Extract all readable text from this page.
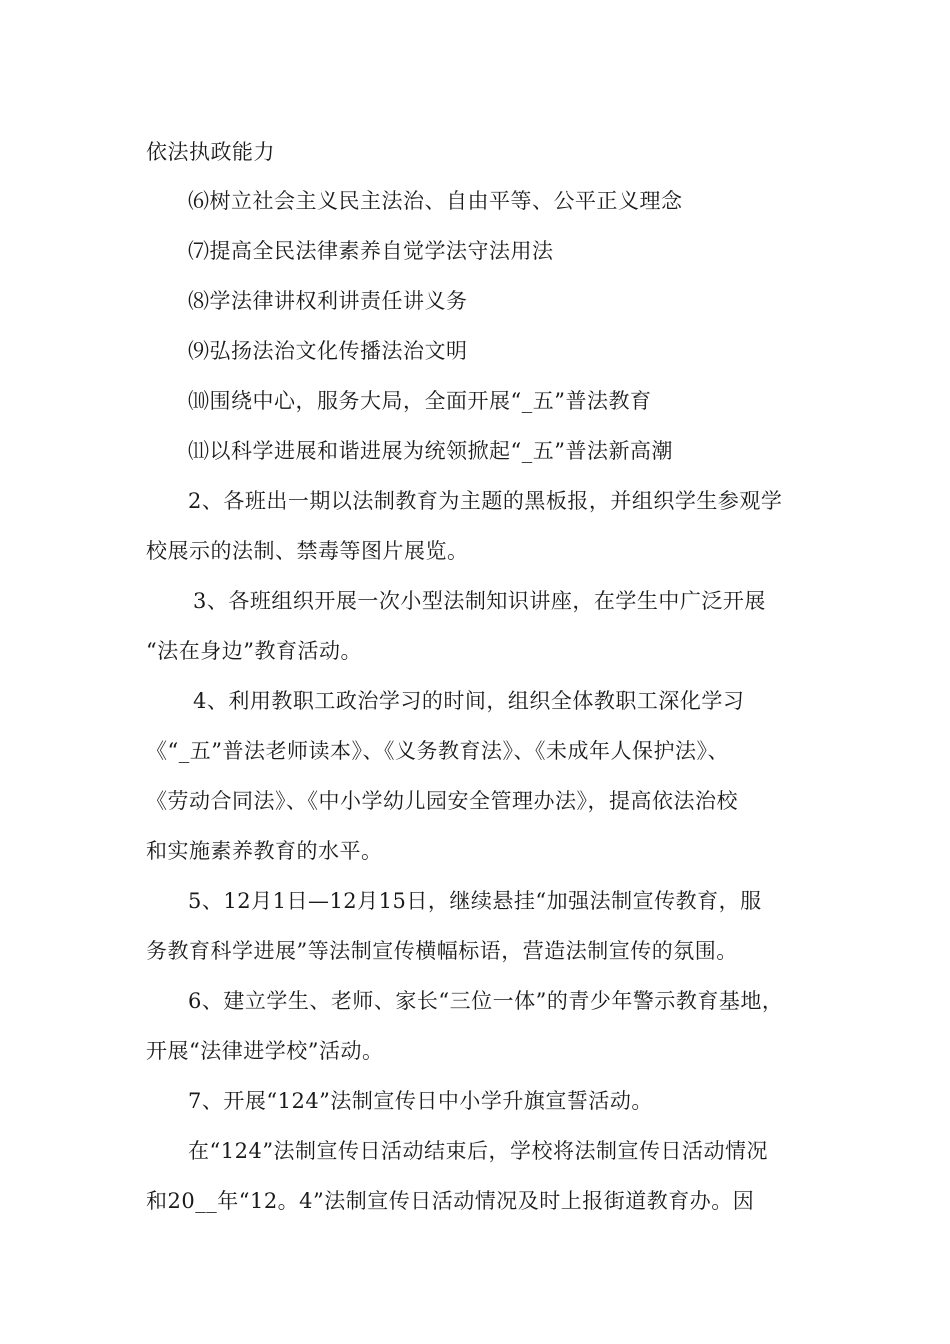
依法执政能力
⑹树立社会主义民主法治、自由平等、公平正义理念
⑺提高全民法律素养自觉学法守法用法
⑻学法律讲权利讲责任讲义务
⑼弘扬法治文化传播法治文明
⑽围绕中心，服务大局，全面开展“_五”普法教育
⑾以科学进展和谐进展为统领掀起“_五”普法新高潮
2、各班出一期以法制教育为主题的黑板报，并组织学生参观学
校展示的法制、禁毒等图片展览。
3、各班组织开展一次小型法制知识讲座，在学生中广泛开展
“法在身边”教育活动。
4、利用教职工政治学习的时间，组织全体教职工深化学习
《“_五”普法老师读本》、《义务教育法》、《未成年人保护法》、
《劳动合同法》、《中小学幼儿园安全管理办法》，提高依法治校
和实施素养教育的水平。
5、12月1日—12月15日，继续悬挂“加强法制宣传教育，服
务教育科学进展”等法制宣传横幅标语，营造法制宣传的氛围。
6、建立学生、老师、家长“三位一体”的青少年警示教育基地，
开展“法律进学校”活动。
7、开展“124”法制宣传日中小学升旗宣誓活动。
在“124”法制宣传日活动结束后，学校将法制宣传日活动情况
和20__年“12。4”法制宣传日活动情况及时上报街道教育办。因
